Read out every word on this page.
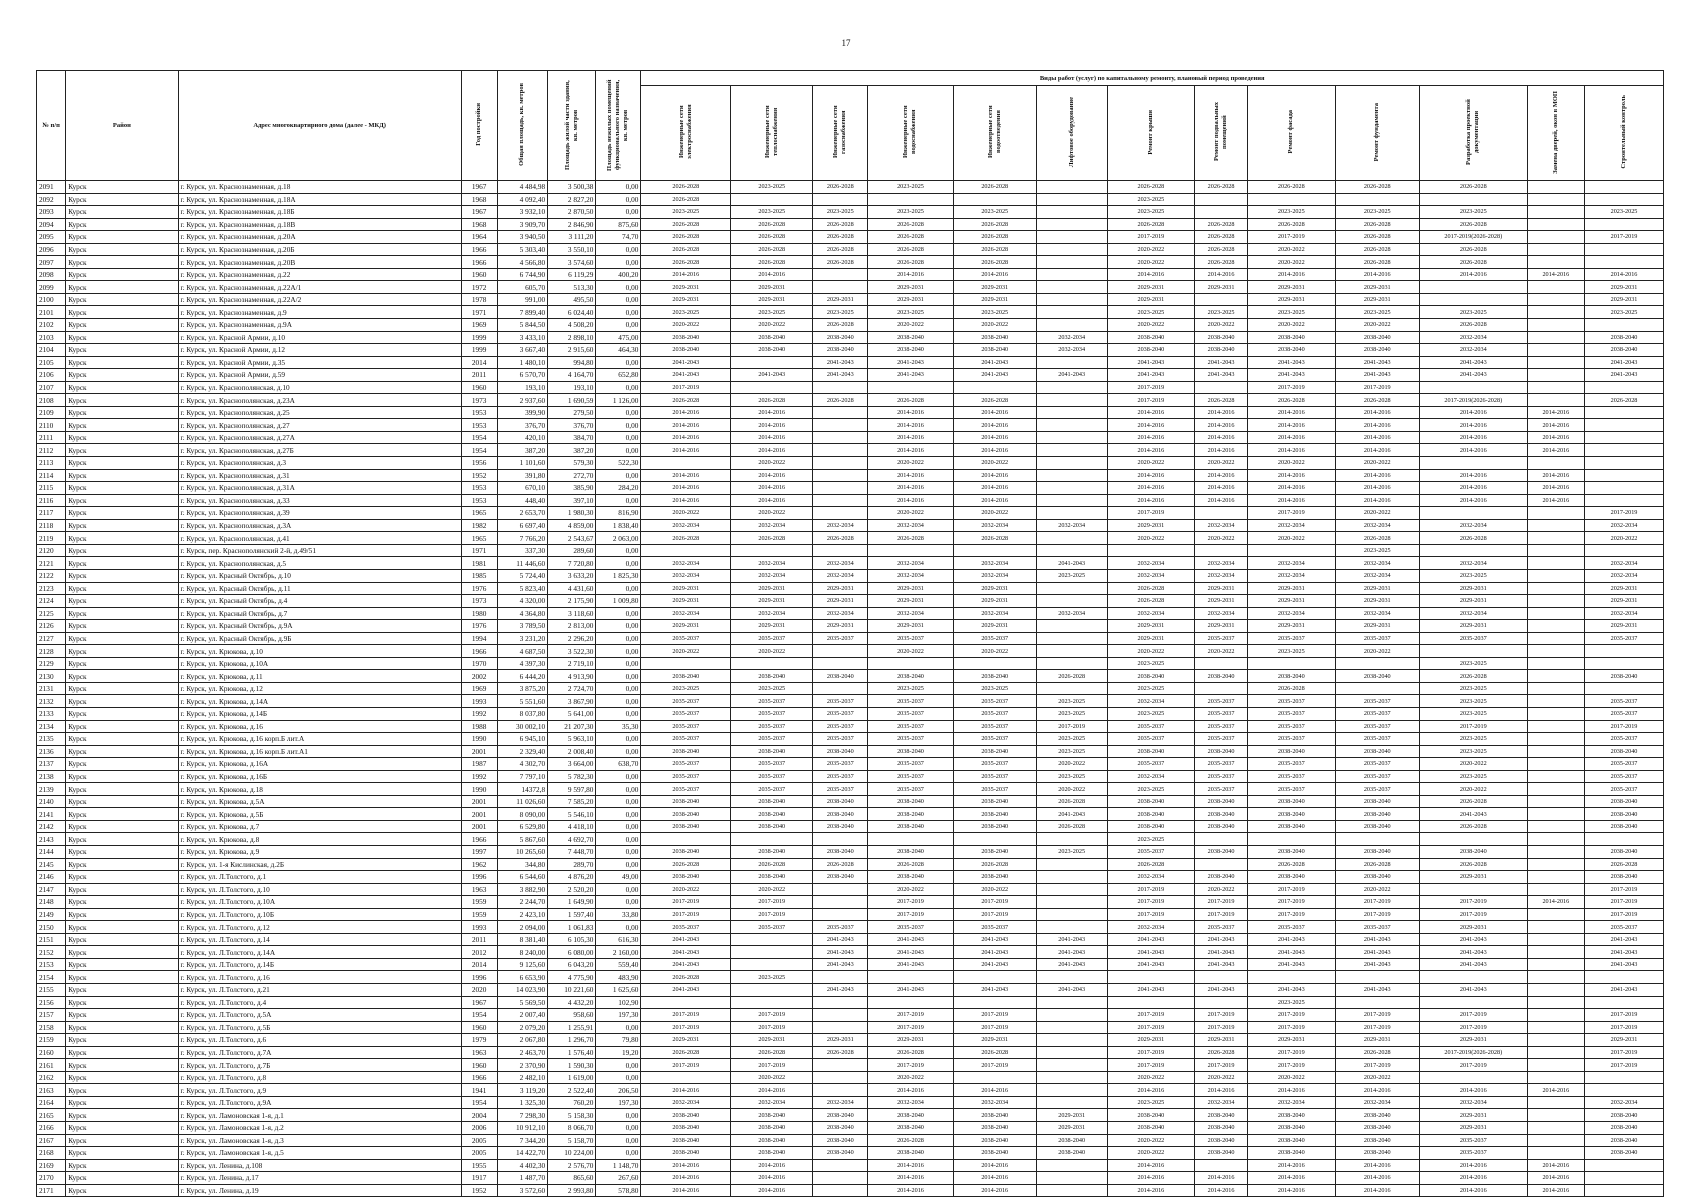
17
№ п/п	Район	Адрес многоквартирного дома (далее - МКД)	Год постройки	Общая площадь, кв. метров	Площадь жилой части здания, кв. метров	Площадь нежилых помещений функционального назначения, кв. метров	Виды работ (услуг) по капитальному ремонту, плановый период проведения												
							Инженерные сети электроснабжения	Инженерные сети теплоснабжения	Инженерные сети газоснабжения	Инженерные сети водоснабжения	Инженерные сети водоотведения	Лифтовое оборудование	Ремонт крыши	Ремонт подвальных помещений	Ремонт фасада	Ремонт фундамента	Разработка проектной документации	Замена дверей, окон в МОП	Строительный контроль
2091	Курск	г. Курск, ул. Краснознаменная, д.18	1967	4 484,98	3 500,38	0,00	2026-2028	2023-2025	2026-2028	2023-2025	2026-2028		2026-2028	2026-2028	2026-2028	2026-2028	2026-2028		
2092	Курск	г. Курск, ул. Краснознаменная, д.18А	1968	4 092,40	2 827,20	0,00	2026-2028						2023-2025						
2093	Курск	г. Курск, ул. Краснознаменная, д.18Б	1967	3 932,10	2 870,50	0,00	2023-2025	2023-2025	2023-2025	2023-2025	2023-2025		2023-2025		2023-2025	2023-2025	2023-2025		2023-2025
2094	Курск	г. Курск, ул. Краснознаменная, д.18В	1968	3 909,70	2 846,90	875,60	2026-2028	2026-2028	2026-2028	2026-2028	2026-2028		2026-2028	2026-2028	2026-2028	2026-2028	2026-2028		
2095	Курск	г. Курск, ул. Краснознаменная, д.20А	1964	3 940,50	3 111,20	74,70	2026-2028	2026-2028	2026-2028	2026-2028	2026-2028		2017-2019	2026-2028	2017-2019	2026-2028	2017-2019(2026-2028)		2017-2019
2096	Курск	г. Курск, ул. Краснознаменная, д.20Б	1966	5 303,40	3 550,10	0,00	2026-2028	2026-2028	2026-2028	2026-2028	2026-2028		2020-2022	2026-2028	2020-2022	2026-2028	2026-2028		
2097	Курск	г. Курск, ул. Краснознаменная, д.20В	1966	4 566,80	3 574,60	0,00	2026-2028	2026-2028	2026-2028	2026-2028	2026-2028		2020-2022	2026-2028	2020-2022	2026-2028	2026-2028		
2098	Курск	г. Курск, ул. Краснознаменная, д.22	1960	6 744,90	6 119,29	400,20	2014-2016	2014-2016		2014-2016	2014-2016		2014-2016	2014-2016	2014-2016	2014-2016	2014-2016	2014-2016	2014-2016
2099	Курск	г. Курск, ул. Краснознаменная, д.22А/1	1972	605,70	513,30	0,00	2029-2031	2029-2031		2029-2031	2029-2031		2029-2031	2029-2031	2029-2031	2029-2031			2029-2031
2100	Курск	г. Курск, ул. Краснознаменная, д.22А/2	1978	991,00	495,50	0,00	2029-2031	2029-2031	2029-2031	2029-2031	2029-2031		2029-2031		2029-2031	2029-2031			2029-2031
2101	Курск	г. Курск, ул. Краснознаменная, д.9	1971	7 899,40	6 024,40	0,00	2023-2025	2023-2025	2023-2025	2023-2025	2023-2025		2023-2025	2023-2025	2023-2025	2023-2025	2023-2025		2023-2025
2102	Курск	г. Курск, ул. Краснознаменная, д.9А	1969	5 844,50	4 508,20	0,00	2020-2022	2020-2022	2026-2028	2020-2022	2020-2022		2020-2022	2020-2022	2020-2022	2020-2022	2026-2028		
2103	Курск	г. Курск, ул. Красной Армии, д.10	1999	3 433,10	2 898,10	475,00	2038-2040	2038-2040	2038-2040	2038-2040	2038-2040	2032-2034	2038-2040	2038-2040	2038-2040	2038-2040	2032-2034		2038-2040
2104	Курск	г. Курск, ул. Красной Армии, д.12	1999	3 667,40	2 915,60	464,30	2038-2040	2038-2040	2038-2040	2038-2040	2038-2040	2032-2034	2038-2040	2038-2040	2038-2040	2038-2040	2032-2034		2038-2040
2105	Курск	г. Курск, ул. Красной Армии, д.35	2014	1 480,10	994,80	0,00	2041-2043		2041-2043	2041-2043	2041-2043		2041-2043	2041-2043	2041-2043	2041-2043	2041-2043		2041-2043
2106	Курск	г. Курск, ул. Красной Армии, д.59	2011	6 570,70	4 164,70	652,80	2041-2043	2041-2043	2041-2043	2041-2043	2041-2043	2041-2043	2041-2043	2041-2043	2041-2043	2041-2043	2041-2043		2041-2043
2107	Курск	г. Курск, ул. Краснополянская, д.10	1960	193,10	193,10	0,00	2017-2019						2017-2019		2017-2019	2017-2019			
2108	Курск	г. Курск, ул. Краснополянская, д.23А	1973	2 937,60	1 690,59	1 126,00	2026-2028	2026-2028	2026-2028	2026-2028	2026-2028		2017-2019	2026-2028	2026-2028	2026-2028	2017-2019(2026-2028)		2026-2028
2109	Курск	г. Курск, ул. Краснополянская, д.25	1953	399,90	279,50	0,00	2014-2016	2014-2016		2014-2016	2014-2016		2014-2016	2014-2016	2014-2016	2014-2016	2014-2016	2014-2016	
2110	Курск	г. Курск, ул. Краснополянская, д.27	1953	376,70	376,70	0,00	2014-2016	2014-2016		2014-2016	2014-2016		2014-2016	2014-2016	2014-2016	2014-2016	2014-2016	2014-2016	
2111	Курск	г. Курск, ул. Краснополянская, д.27А	1954	420,10	384,70	0,00	2014-2016	2014-2016		2014-2016	2014-2016		2014-2016	2014-2016	2014-2016	2014-2016	2014-2016	2014-2016	
2112	Курск	г. Курск, ул. Краснополянская, д.27Б	1954	387,20	387,20	0,00	2014-2016	2014-2016		2014-2016	2014-2016		2014-2016	2014-2016	2014-2016	2014-2016	2014-2016	2014-2016	
2113	Курск	г. Курск, ул. Краснополянская, д.3	1956	1 101,60	579,30	522,30		2020-2022		2020-2022	2020-2022		2020-2022	2020-2022	2020-2022	2020-2022			
2114	Курск	г. Курск, ул. Краснополянская, д.31	1952	391,80	272,70	0,00	2014-2016	2014-2016		2014-2016	2014-2016		2014-2016	2014-2016	2014-2016	2014-2016	2014-2016	2014-2016	
2115	Курск	г. Курск, ул. Краснополянская, д.31А	1953	670,10	385,90	284,20	2014-2016	2014-2016		2014-2016	2014-2016		2014-2016	2014-2016	2014-2016	2014-2016	2014-2016	2014-2016	
2116	Курск	г. Курск, ул. Краснополянская, д.33	1953	448,40	397,10	0,00	2014-2016	2014-2016		2014-2016	2014-2016		2014-2016	2014-2016	2014-2016	2014-2016	2014-2016	2014-2016	
2117	Курск	г. Курск, ул. Краснополянская, д.39	1965	2 653,70	1 980,30	816,90	2020-2022	2020-2022		2020-2022	2020-2022		2017-2019		2017-2019	2020-2022			2017-2019
2118	Курск	г. Курск, ул. Краснополянская, д.3А	1982	6 697,40	4 859,00	1 838,40	2032-2034	2032-2034	2032-2034	2032-2034	2032-2034	2032-2034	2029-2031	2032-2034	2032-2034	2032-2034	2032-2034		2032-2034
2119	Курск	г. Курск, ул. Краснополянская, д.41	1965	7 766,20	2 543,67	2 063,00	2026-2028	2026-2028	2026-2028	2026-2028	2026-2028		2020-2022	2020-2022	2020-2022	2026-2028	2026-2028		2020-2022
2120	Курск	г. Курск, пер. Краснополянский 2-й, д.49/51	1971	337,30	289,60	0,00										2023-2025			
2121	Курск	г. Курск, ул. Краснополянская, д.5	1981	11 446,60	7 720,80	0,00	2032-2034	2032-2034	2032-2034	2032-2034	2032-2034	2041-2043	2032-2034	2032-2034	2032-2034	2032-2034	2032-2034		2032-2034
2122	Курск	г. Курск, ул. Красный Октябрь, д.10	1985	5 724,40	3 633,20	1 825,30	2032-2034	2032-2034	2032-2034	2032-2034	2032-2034	2023-2025	2032-2034	2032-2034	2032-2034	2032-2034	2023-2025		2032-2034
2123	Курск	г. Курск, ул. Красный Октябрь, д.11	1976	5 823,40	4 431,60	0,00	2029-2031	2029-2031	2029-2031	2029-2031	2029-2031		2026-2028	2029-2031	2029-2031	2029-2031	2029-2031		2029-2031
2124	Курск	г. Курск, ул. Красный Октябрь, д.4	1973	4 320,00	2 175,90	1 009,80	2029-2031	2029-2031	2029-2031	2029-2031	2029-2031		2026-2028	2029-2031	2029-2031	2029-2031	2029-2031		2029-2031
2125	Курск	г. Курск, ул. Красный Октябрь, д.7	1980	4 364,80	3 118,60	0,00	2032-2034	2032-2034	2032-2034	2032-2034	2032-2034	2032-2034	2032-2034	2032-2034	2032-2034	2032-2034	2032-2034		2032-2034
2126	Курск	г. Курск, ул. Красный Октябрь, д.9А	1976	3 789,50	2 813,00	0,00	2029-2031	2029-2031	2029-2031	2029-2031	2029-2031		2029-2031	2029-2031	2029-2031	2029-2031	2029-2031		2029-2031
2127	Курск	г. Курск, ул. Красный Октябрь, д.9Б	1994	3 231,20	2 296,20	0,00	2035-2037	2035-2037	2035-2037	2035-2037	2035-2037		2029-2031	2035-2037	2035-2037	2035-2037	2035-2037		2035-2037
2128	Курск	г. Курск, ул. Крюкова, д.10	1966	4 687,50	3 522,30	0,00	2020-2022	2020-2022		2020-2022	2020-2022		2020-2022	2020-2022	2023-2025	2020-2022			
2129	Курск	г. Курск, ул. Крюкова, д.10А	1970	4 397,30	2 719,10	0,00							2023-2025				2023-2025		
2130	Курск	г. Курск, ул. Крюкова, д.11	2002	6 444,20	4 913,90	0,00	2038-2040	2038-2040	2038-2040	2038-2040	2038-2040	2026-2028	2038-2040	2038-2040	2038-2040	2038-2040	2026-2028		2038-2040
2131	Курск	г. Курск, ул. Крюкова, д.12	1969	3 875,20	2 724,70	0,00	2023-2025	2023-2025		2023-2025	2023-2025		2023-2025		2026-2028		2023-2025		
2132	Курск	г. Курск, ул. Крюкова, д.14А	1993	5 551,60	3 867,90	0,00	2035-2037	2035-2037	2035-2037	2035-2037	2035-2037	2023-2025	2032-2034	2035-2037	2035-2037	2035-2037	2023-2025		2035-2037
2133	Курск	г. Курск, ул. Крюкова, д.14Б	1992	8 037,80	5 641,00	0,00	2035-2037	2035-2037	2035-2037	2035-2037	2035-2037	2023-2025	2023-2025	2035-2037	2035-2037	2035-2037	2023-2025		2035-2037
2134	Курск	г. Курск, ул. Крюкова, д.16	1988	30 002,10	21 207,30	35,30	2035-2037	2035-2037	2035-2037	2035-2037	2035-2037	2017-2019	2035-2037	2035-2037	2035-2037	2035-2037	2017-2019		2017-2019
2135	Курск	г. Курск, ул. Крюкова, д.16 корп.Б лит.А	1990	6 945,10	5 963,10	0,00	2035-2037	2035-2037	2035-2037	2035-2037	2035-2037	2023-2025	2035-2037	2035-2037	2035-2037	2035-2037	2023-2025		2035-2037
2136	Курск	г. Курск, ул. Крюкова, д.16 корп.Б лит.А1	2001	2 329,40	2 008,40	0,00	2038-2040	2038-2040	2038-2040	2038-2040	2038-2040	2023-2025	2038-2040	2038-2040	2038-2040	2038-2040	2023-2025		2038-2040
2137	Курск	г. Курск, ул. Крюкова, д.16А	1987	4 302,70	3 664,00	638,70	2035-2037	2035-2037	2035-2037	2035-2037	2035-2037	2020-2022	2035-2037	2035-2037	2035-2037	2035-2037	2020-2022		2035-2037
2138	Курск	г. Курск, ул. Крюкова, д.16Б	1992	7 797,10	5 782,30	0,00	2035-2037	2035-2037	2035-2037	2035-2037	2035-2037	2023-2025	2032-2034	2035-2037	2035-2037	2035-2037	2023-2025		2035-2037
2139	Курск	г. Курск, ул. Крюкова, д.18	1990	14372,8	9 597,80	0,00	2035-2037	2035-2037	2035-2037	2035-2037	2035-2037	2020-2022	2023-2025	2035-2037	2035-2037	2035-2037	2020-2022		2035-2037
2140	Курск	г. Курск, ул. Крюкова, д.5А	2001	11 026,60	7 585,20	0,00	2038-2040	2038-2040	2038-2040	2038-2040	2038-2040	2026-2028	2038-2040	2038-2040	2038-2040	2038-2040	2026-2028		2038-2040
2141	Курск	г. Курск, ул. Крюкова, д.5Б	2001	8 090,00	5 546,10	0,00	2038-2040	2038-2040	2038-2040	2038-2040	2038-2040	2041-2043	2038-2040	2038-2040	2038-2040	2038-2040	2041-2043		2038-2040
2142	Курск	г. Курск, ул. Крюкова, д.7	2001	6 529,80	4 418,10	0,00	2038-2040	2038-2040	2038-2040	2038-2040	2038-2040	2026-2028	2038-2040	2038-2040	2038-2040	2038-2040	2026-2028		2038-2040
2143	Курск	г. Курск, ул. Крюкова, д.8	1966	5 867,60	4 692,70	0,00							2023-2025						
2144	Курск	г. Курск, ул. Крюкова, д.9	1997	10 265,60	7 448,70	0,00	2038-2040	2038-2040	2038-2040	2038-2040	2038-2040	2023-2025	2035-2037	2038-2040	2038-2040	2038-2040	2038-2040		2038-2040
2145	Курск	г. Курск, ул. 1-я Кислинская, д.2Б	1962	344,80	289,70	0,00	2026-2028	2026-2028	2026-2028	2026-2028	2026-2028		2026-2028		2026-2028	2026-2028	2026-2028		2026-2028
2146	Курск	г. Курск, ул. Л.Толстого, д.1	1996	6 544,60	4 876,20	49,00	2038-2040	2038-2040	2038-2040	2038-2040	2038-2040		2032-2034	2038-2040	2038-2040	2038-2040	2029-2031		2038-2040
2147	Курск	г. Курск, ул. Л.Толстого, д.10	1963	3 882,90	2 520,20	0,00	2020-2022	2020-2022		2020-2022	2020-2022		2017-2019	2020-2022	2017-2019	2020-2022			2017-2019
2148	Курск	г. Курск, ул. Л.Толстого, д.10А	1959	2 244,70	1 649,90	0,00	2017-2019	2017-2019		2017-2019	2017-2019		2017-2019	2017-2019	2017-2019	2017-2019	2017-2019	2014-2016	2017-2019
2149	Курск	г. Курск, ул. Л.Толстого, д.10Б	1959	2 423,10	1 597,40	33,80	2017-2019	2017-2019		2017-2019	2017-2019		2017-2019	2017-2019	2017-2019	2017-2019	2017-2019		2017-2019
2150	Курск	г. Курск, ул. Л.Толстого, д.12	1993	2 094,00	1 061,83	0,00	2035-2037	2035-2037	2035-2037	2035-2037	2035-2037		2032-2034	2035-2037	2035-2037	2035-2037	2029-2031		2035-2037
2151	Курск	г. Курск, ул. Л.Толстого, д.14	2011	8 381,40	6 105,30	616,30	2041-2043		2041-2043	2041-2043	2041-2043	2041-2043	2041-2043	2041-2043	2041-2043	2041-2043	2041-2043		2041-2043
2152	Курск	г. Курск, ул. Л.Толстого, д.14А	2012	8 240,00	6 080,00	2 160,00	2041-2043		2041-2043	2041-2043	2041-2043	2041-2043	2041-2043	2041-2043	2041-2043	2041-2043	2041-2043		2041-2043
2153	Курск	г. Курск, ул. Л.Толстого, д.14Б	2014	9 125,60	6 043,20	559,40	2041-2043		2041-2043	2041-2043	2041-2043	2041-2043	2041-2043	2041-2043	2041-2043	2041-2043	2041-2043		2041-2043
2154	Курск	г. Курск, ул. Л.Толстого, д.16	1996	6 653,90	4 775,90	483,90	2026-2028	2023-2025											
2155	Курск	г. Курск, ул. Л.Толстого, д.21	2020	14 023,90	10 221,60	1 625,60	2041-2043		2041-2043	2041-2043	2041-2043	2041-2043	2041-2043	2041-2043	2041-2043	2041-2043	2041-2043		2041-2043
2156	Курск	г. Курск, ул. Л.Толстого, д.4	1967	5 569,50	4 432,20	102,90									2023-2025				
2157	Курск	г. Курск, ул. Л.Толстого, д.5А	1954	2 007,40	958,60	197,30	2017-2019	2017-2019		2017-2019	2017-2019		2017-2019	2017-2019	2017-2019	2017-2019	2017-2019		2017-2019
2158	Курск	г. Курск, ул. Л.Толстого, д.5Б	1960	2 079,20	1 255,91	0,00	2017-2019	2017-2019		2017-2019	2017-2019		2017-2019	2017-2019	2017-2019	2017-2019	2017-2019		2017-2019
2159	Курск	г. Курск, ул. Л.Толстого, д.6	1979	2 067,80	1 296,70	79,80	2029-2031	2029-2031	2029-2031	2029-2031	2029-2031		2029-2031	2029-2031	2029-2031	2029-2031	2029-2031		2029-2031
2160	Курск	г. Курск, ул. Л.Толстого, д.7А	1963	2 463,70	1 576,40	19,20	2026-2028	2026-2028	2026-2028	2026-2028	2026-2028		2017-2019	2026-2028	2017-2019	2026-2028	2017-2019(2026-2028)		2017-2019
2161	Курск	г. Курск, ул. Л.Толстого, д.7Б	1960	2 370,90	1 590,30	0,00	2017-2019	2017-2019		2017-2019	2017-2019		2017-2019	2017-2019	2017-2019	2017-2019	2017-2019		2017-2019
2162	Курск	г. Курск, ул. Л.Толстого, д.8	1966	2 482,10	1 619,00	0,00		2020-2022		2020-2022			2020-2022	2020-2022	2020-2022	2020-2022			
2163	Курск	г. Курск, ул. Л.Толстого, д.9	1941	3 119,20	2 522,40	206,50	2014-2016	2014-2016		2014-2016	2014-2016		2014-2016	2014-2016	2014-2016	2014-2016	2014-2016	2014-2016	
2164	Курск	г. Курск, ул. Л.Толстого, д.9А	1954	1 325,30	760,20	197,30	2032-2034	2032-2034	2032-2034	2032-2034	2032-2034		2023-2025	2032-2034	2032-2034	2032-2034	2032-2034		2032-2034
2165	Курск	г. Курск, ул. Ламоновская 1-я, д.1	2004	7 298,30	5 158,30	0,00	2038-2040	2038-2040	2038-2040	2038-2040	2038-2040	2029-2031	2038-2040	2038-2040	2038-2040	2038-2040	2029-2031		2038-2040
2166	Курск	г. Курск, ул. Ламоновская 1-я, д.2	2006	10 912,10	8 066,70	0,00	2038-2040	2038-2040	2038-2040	2038-2040	2038-2040	2029-2031	2038-2040	2038-2040	2038-2040	2038-2040	2029-2031		2038-2040
2167	Курск	г. Курск, ул. Ламоновская 1-я, д.3	2005	7 344,20	5 158,70	0,00	2038-2040	2038-2040	2038-2040	2026-2028	2038-2040	2038-2040	2020-2022	2038-2040	2038-2040	2038-2040	2035-2037		2038-2040
2168	Курск	г. Курск, ул. Ламоновская 1-я, д.5	2005	14 422,70	10 224,00	0,00	2038-2040	2038-2040	2038-2040	2038-2040	2038-2040	2038-2040	2020-2022	2038-2040	2038-2040	2038-2040	2035-2037		2038-2040
2169	Курск	г. Курск, ул. Ленина, д.108	1955	4 402,30	2 576,70	1 148,70	2014-2016	2014-2016		2014-2016	2014-2016		2014-2016		2014-2016	2014-2016	2014-2016	2014-2016	
2170	Курск	г. Курск, ул. Ленина, д.17	1917	1 487,70	865,60	267,60	2014-2016	2014-2016		2014-2016	2014-2016		2014-2016	2014-2016	2014-2016	2014-2016	2014-2016	2014-2016	
2171	Курск	г. Курск, ул. Ленина, д.19	1952	3 572,60	2 993,80	578,80	2014-2016	2014-2016		2014-2016	2014-2016		2014-2016	2014-2016	2014-2016	2014-2016	2014-2016	2014-2016	
